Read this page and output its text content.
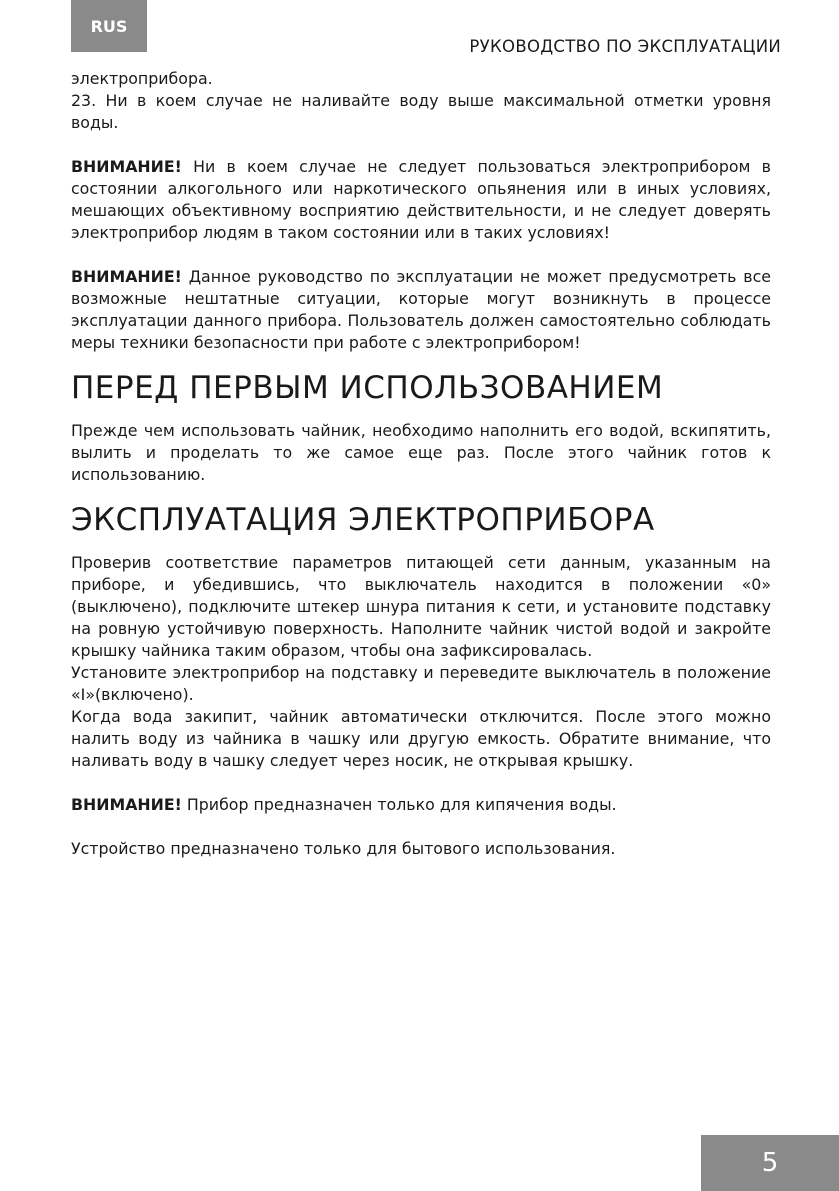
RUS
РУКОВОДСТВО ПО ЭКСПЛУАТАЦИИ

электроприбора.

23. Ни в коем случае не наливайте воду выше максимальной отметки уровня воды.

ВНИМАНИЕ! Ни в коем случае не следует пользоваться электроприбором в состоянии алкогольного или наркотического опьянения или в иных условиях, мешающих объективному восприятию действительности, и не следует доверять электроприбор людям в таком состоянии или в таких условиях!

ВНИМАНИЕ! Данное руководство по эксплуатации не может предусмотреть все возможные нештатные ситуации, которые могут возникнуть в процессе эксплуатации данного прибора. Пользователь должен самостоятельно соблюдать меры техники безопасности при работе с электроприбором!

ПЕРЕД ПЕРВЫМ ИСПОЛЬЗОВАНИЕМ

Прежде чем использовать чайник, необходимо наполнить его водой, вскипятить, вылить и проделать то же самое еще раз. После этого чайник готов к использованию.

ЭКСПЛУАТАЦИЯ ЭЛЕКТРОПРИБОРА

Проверив соответствие параметров питающей сети данным, указанным на приборе, и убедившись, что выключатель находится в положении «0» (выключено), подключите штекер шнура питания к сети, и установите подставку на ровную устойчивую поверхность. Наполните чайник чистой водой и закройте крышку чайника таким образом, чтобы она зафиксировалась.

Установите электроприбор на подставку и переведите выключатель в положение «I»(включено).

Когда вода закипит, чайник автоматически отключится. После этого можно налить воду из чайника в чашку или другую емкость. Обратите внимание, что наливать воду в чашку следует через носик, не открывая крышку.

ВНИМАНИЕ! Прибор предназначен только для кипячения воды.

Устройство предназначено только для бытового использования.

5
